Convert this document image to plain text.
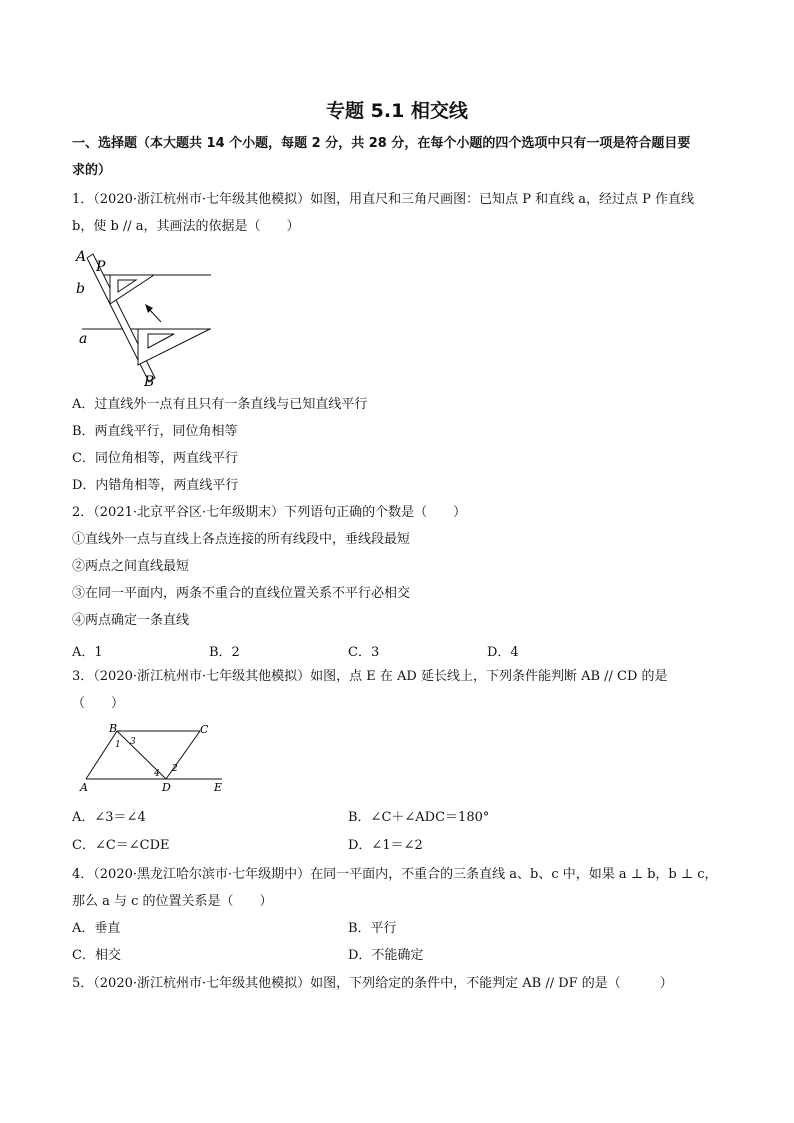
专题 5.1 相交线
一、选择题（本大题共 14 个小题，每题 2 分，共 28 分，在每个小题的四个选项中只有一项是符合题目要
求的）
1．（2020·浙江杭州市·七年级其他模拟）如图，用直尺和三角尺画图：已知点 P 和直线 a，经过点 P 作直线
b，使 b // a，其画法的依据是（　　）
A
P
b
a
B
A．过直线外一点有且只有一条直线与已知直线平行
B．两直线平行，同位角相等
C．同位角相等，两直线平行
D．内错角相等，两直线平行
2．（2021·北京平谷区·七年级期末）下列语句正确的个数是（　　）
①直线外一点与直线上各点连接的所有线段中，垂线段最短
②两点之间直线最短
③在同一平面内，两条不重合的直线位置关系不平行必相交
④两点确定一条直线
A．1	B．2	C．3	D．4
3．（2020·浙江杭州市·七年级其他模拟）如图，点 E 在 AD 延长线上，下列条件能判断 AB // CD 的是
（　　）
A
B	C
D	E
1 3
2
4
A．∠3＝∠4	B．∠C＋∠ADC＝180°
C．∠C＝∠CDE	D．∠1＝∠2
4．（2020·黑龙江哈尔滨市·七年级期中）在同一平面内，不重合的三条直线 a、b、c 中，如果 a ⊥ b，b ⊥ c，
那么 a 与 c 的位置关系是（　　）
A．垂直	B．平行
C．相交	D．不能确定
5．（2020·浙江杭州市·七年级其他模拟）如图，下列给定的条件中，不能判定 AB // DF 的是（　　　）
